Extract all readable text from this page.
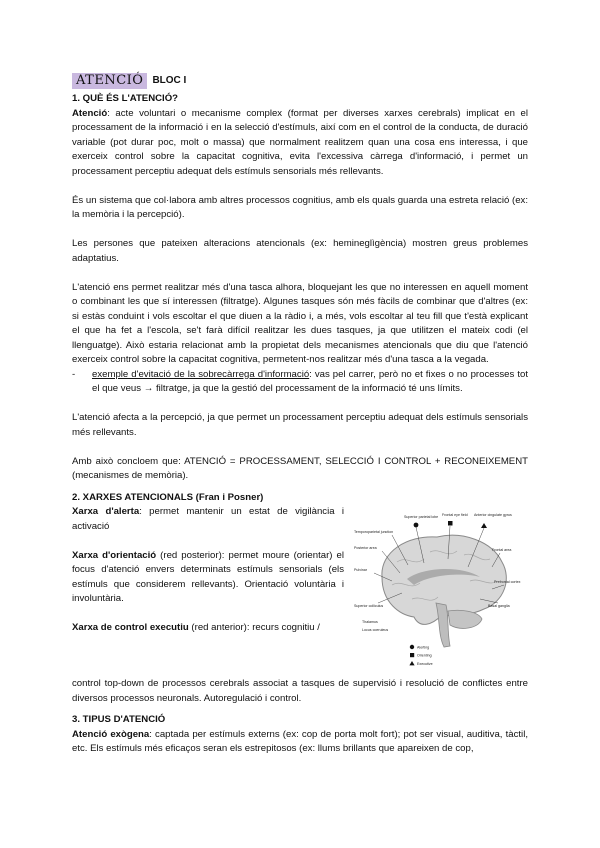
ATENCIÓ BLOC I

1. QUÈ ÉS L'ATENCIÓ?

Atenció: acte voluntari o mecanisme complex (format per diverses xarxes cerebrals) implicat en el processament de la informació i en la selecció d'estímuls, així com en el control de la conducta, de duració variable (pot durar poc, molt o massa) que normalment realitzem quan una cosa ens interessa, i que exerceix control sobre la capacitat cognitiva, evita l'excessiva càrrega d'informació, i permet un processament perceptiu adequat dels estímuls sensorials més rellevants.

És un sistema que col·labora amb altres processos cognitius, amb els quals guarda una estreta relació (ex: la memòria i la percepció).

Les persones que pateixen alteracions atencionals (ex: hemineglìgència) mostren greus problemes adaptatius.

L'atenció ens permet realitzar més d'una tasca alhora, bloquejant les que no interessen en aquell moment o combinant les que sí interessen (filtratge). Algunes tasques són més fàcils de combinar que d'altres (ex: si estàs conduint i vols escoltar el que diuen a la ràdio i, a més, vols escoltar al teu fill que t'està explicant el que ha fet a l'escola, se't farà difícil realitzar les dues tasques, ja que utilitzen el mateix codi (el llenguatge). Això estaria relacionat amb la propietat dels mecanismes atencionals que diu que l'atenció exerceix control sobre la capacitat cognitiva, permetent-nos realitzar més d'una tasca a la vegada.

- exemple d'evitació de la sobrecàrrega d'informació: vas pel carrer, però no et fixes o no processes tot el que veus → filtratge, ja que la gestió del processament de la informació té uns límits.

L'atenció afecta a la percepció, ja que permet un processament perceptiu adequat dels estímuls sensorials més rellevants.

Amb això concloem que: ATENCIÓ = PROCESSAMENT, SELECCIÓ I CONTROL + RECONEIXEMENT (mecanismes de memòria).

2. XARXES ATENCIONALS (Fran i Posner)

Xarxa d'alerta: permet mantenir un estat de vigilància i activació

Xarxa d'orientació (red posterior): permet moure (orientar) el focus d'atenció envers determinats estímuls sensorials (els estímuls que considerem rellevants). Orientació voluntària i involuntària.

Xarxa de control executiu (red anterior): recurs cognitiu /

Superior parietal lobe Frontal eye field Anterior cingulate gyrus
Temporoparietal junction
Posterior area
Pulvinar
Superior colliculus
Frontal area
Prefrontal cortex
Basal ganglia
Thalamus
Locus coeruleus
Alerting
Orienting
Executive

control top-down de processos cerebrals associat a tasques de supervisió i resolució de conflictes entre diversos processos neuronals. Autoregulació i control.

3. TIPUS D'ATENCIÓ

Atenció exògena: captada per estímuls externs (ex: cop de porta molt fort); pot ser visual, auditiva, tàctil, etc. Els estímuls més eficaços seran els estrepitosos (ex: llums brillants que apareixen de cop,
